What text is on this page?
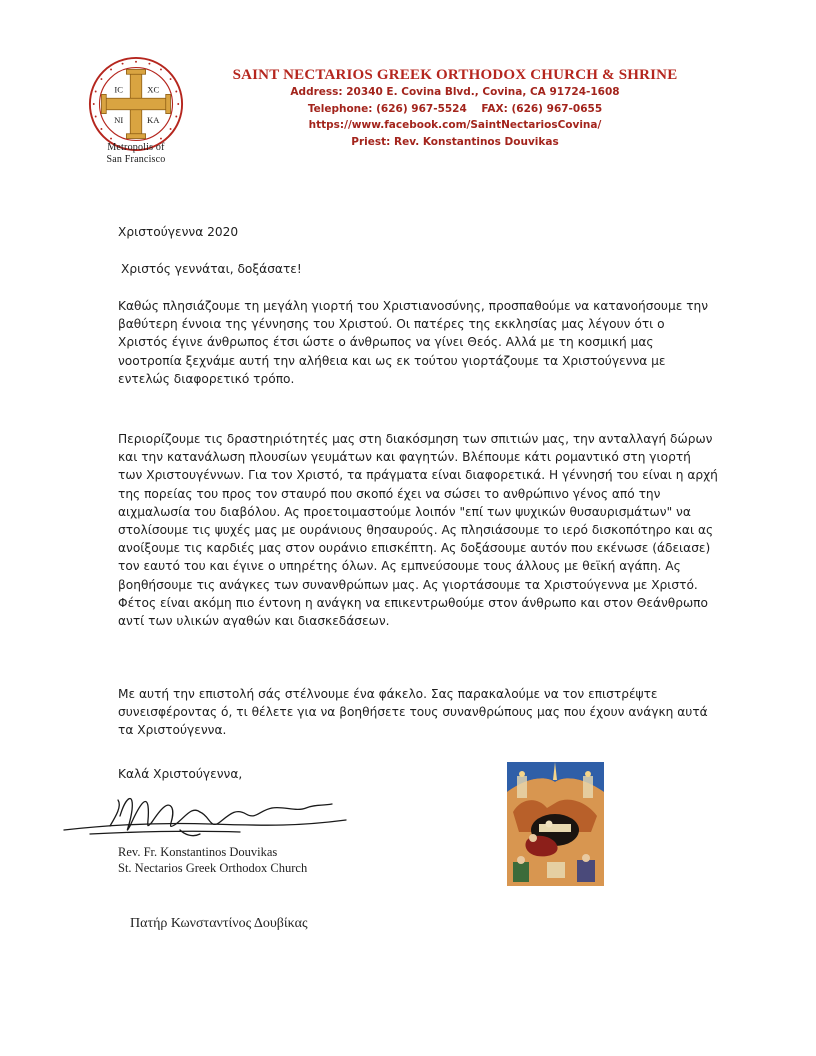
IC	XC
NI	KA
Metropolis of
San Francisco
SAINT NECTARIOS GREEK ORTHODOX CHURCH & SHRINE
Address: 20340 E. Covina Blvd., Covina, CA 91724-1608
Telephone: (626) 967-5524    FAX: (626) 967-0655
https://www.facebook.com/SaintNectariosCovina/
Priest: Rev. Konstantinos Douvikas
Χριστούγεννα 2020
Χριστός γεννάται, δοξάσατε!

Καθώς πλησιάζουμε τη μεγάλη γιορτή του Χριστιανοσύνης, προσπαθούμε να κατανοήσουμε την βαθύτερη έννοια της γέννησης του Χριστού. Οι πατέρες της εκκλησίας μας λέγουν ότι ο Χριστός έγινε άνθρωπος έτσι ώστε ο άνθρωπος να γίνει Θεός. Αλλά με τη κοσμική μας νοοτροπία ξεχνάμε αυτή την αλήθεια και ως εκ τούτου γιορτάζουμε τα Χριστούγεννα με εντελώς διαφορετικό τρόπο.

Περιορίζουμε τις δραστηριότητές μας στη διακόσμηση των σπιτιών μας, την ανταλλαγή δώρων και την κατανάλωση πλουσίων γευμάτων και φαγητών. Βλέπουμε κάτι ρομαντικό στη γιορτή των Χριστουγέννων. Για τον Χριστό, τα πράγματα είναι διαφορετικά. Η γέννησή του είναι η αρχή της πορείας του προς τον σταυρό που σκοπό έχει να σώσει το ανθρώπινο γένος από την αιχμαλωσία του διαβόλου. Ας προετοιμαστούμε λοιπόν "επί των ψυχικών θυσαυρισμάτων" να στολίσουμε τις ψυχές μας με ουράνιους θησαυρούς. Ας πλησιάσουμε το ιερό δισκοπότηρο και ας ανοίξουμε τις καρδιές μας στον ουράνιο επισκέπτη. Ας δοξάσουμε αυτόν που εκένωσε (άδειασε) τον εαυτό του και έγινε ο υπηρέτης όλων. Ας εμπνεύσουμε τους άλλους με θεϊκή αγάπη. Ας βοηθήσουμε τις ανάγκες των συνανθρώπων μας. Ας γιορτάσουμε τα Χριστούγεννα με Χριστό. Φέτος είναι ακόμη πιο έντονη η ανάγκη να επικεντρωθούμε στον άνθρωπο και στον Θεάνθρωπο αντί των υλικών αγαθών και διασκεδάσεων.

Με αυτή την επιστολή σάς στέλνουμε ένα φάκελο. Σας παρακαλούμε να τον επιστρέψτε συνεισφέροντας ό, τι θέλετε για να βοηθήσετε τους συνανθρώπους μας που έχουν ανάγκη αυτά τα Χριστούγεννα.

Καλά Χριστούγεννα,
Rev. Fr. Konstantinos Douvikas
St. Nectarios Greek Orthodox Church
Πατήρ Κωνσταντίνος Δουβίκας
